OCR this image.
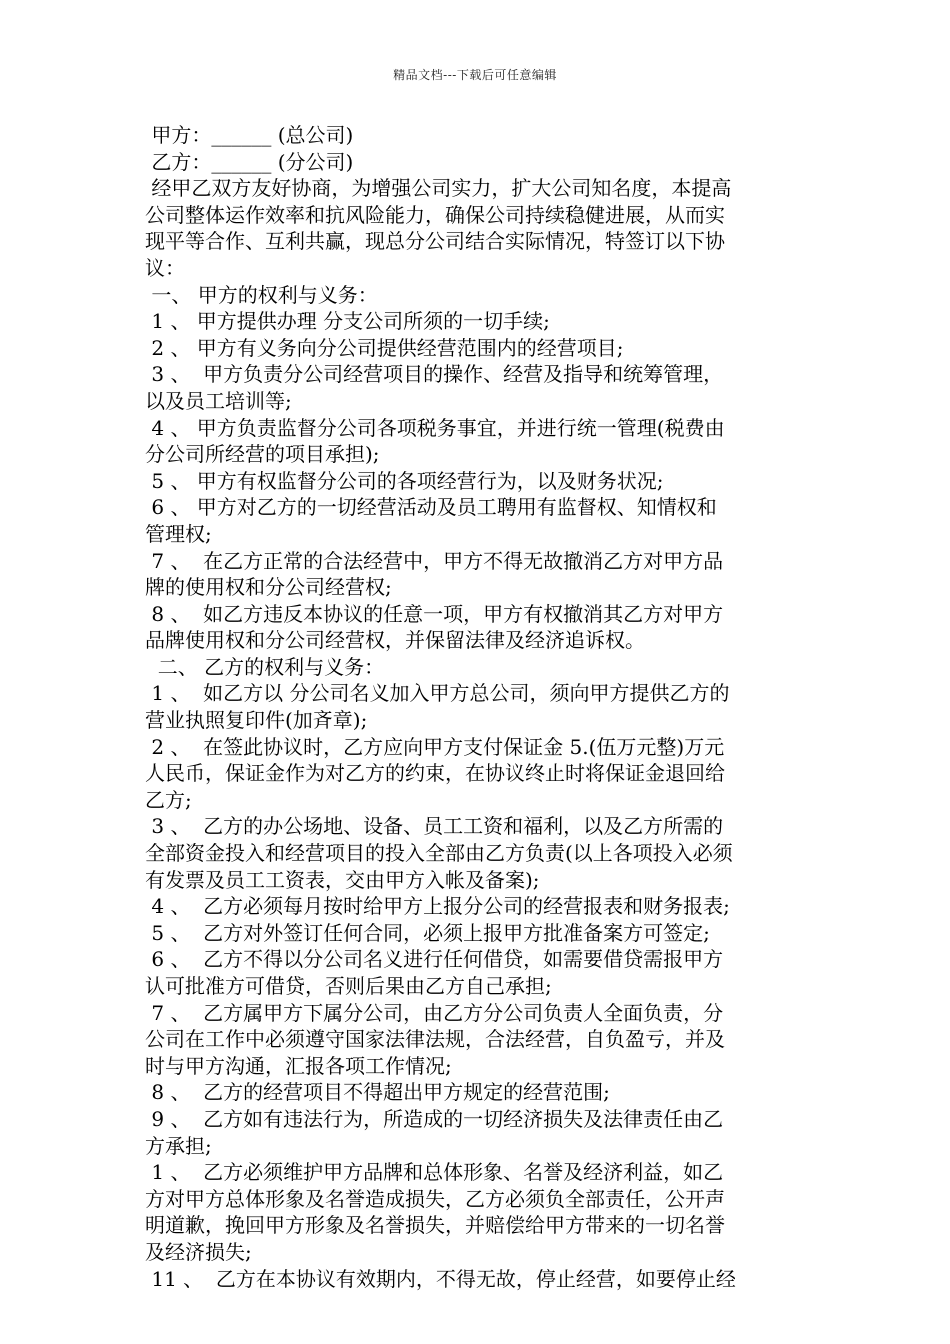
精品文档---下载后可任意编辑
甲方：______ (总公司)
乙方：______ (分公司)
经甲乙双方友好协商，为增强公司实力，扩大公司知名度，本提高
公司整体运作效率和抗风险能力，确保公司持续稳健进展，从而实
现平等合作、互利共赢，现总分公司结合实际情况，特签订以下协
议：
一、 甲方的权利与义务：
1 、 甲方提供办理 分支公司所须的一切手续;
2 、 甲方有义务向分公司提供经营范围内的经营项目;
3 、  甲方负责分公司经营项目的操作、经营及指导和统筹管理，
以及员工培训等;
4 、 甲方负责监督分公司各项税务事宜，并进行统一管理(税费由
分公司所经营的项目承担);
5 、 甲方有权监督分公司的各项经营行为，以及财务状况;
6 、 甲方对乙方的一切经营活动及员工聘用有监督权、知情权和
管理权;
7 、  在乙方正常的合法经营中，甲方不得无故撤消乙方对甲方品
牌的使用权和分公司经营权;
8 、  如乙方违反本协议的任意一项，甲方有权撤消其乙方对甲方
品牌使用权和分公司经营权，并保留法律及经济追诉权。
二、 乙方的权利与义务：
1 、  如乙方以 分公司名义加入甲方总公司，须向甲方提供乙方的
营业执照复印件(加斉章);
2 、  在签此协议时，乙方应向甲方支付保证金 5.(伍万元整)万元
人民币，保证金作为对乙方的约束，在协议终止时将保证金退回给
乙方;
3 、  乙方的办公场地、设备、员工工资和福利，以及乙方所需的
全部资金投入和经营项目的投入全部由乙方负责(以上各项投入必须
有发票及员工工资表，交由甲方入帐及备案);
4 、  乙方必须每月按时给甲方上报分公司的经营报表和财务报表;
5 、  乙方对外签订任何合同，必须上报甲方批准备案方可签定;
6 、  乙方不得以分公司名义进行任何借贷，如需要借贷需报甲方
认可批准方可借贷，否则后果由乙方自己承担;
7 、  乙方属甲方下属分公司，由乙方分公司负责人全面负责，分
公司在工作中必须遵守国家法律法规，合法经营，自负盈亏，并及
时与甲方沟通，汇报各项工作情况;
8 、  乙方的经营项目不得超出甲方规定的经营范围;
9 、  乙方如有违法行为，所造成的一切经济损失及法律责任由乙
方承担;
1 、  乙方必须维护甲方品牌和总体形象、名誉及经济利益，如乙
方对甲方总体形象及名誉造成损失，乙方必须负全部责任，公开声
明道歉，挽回甲方形象及名誉损失，并赔偿给甲方带来的一切名誉
及经济损失;
11 、  乙方在本协议有效期内，不得无故，停止经营，如要停止经
